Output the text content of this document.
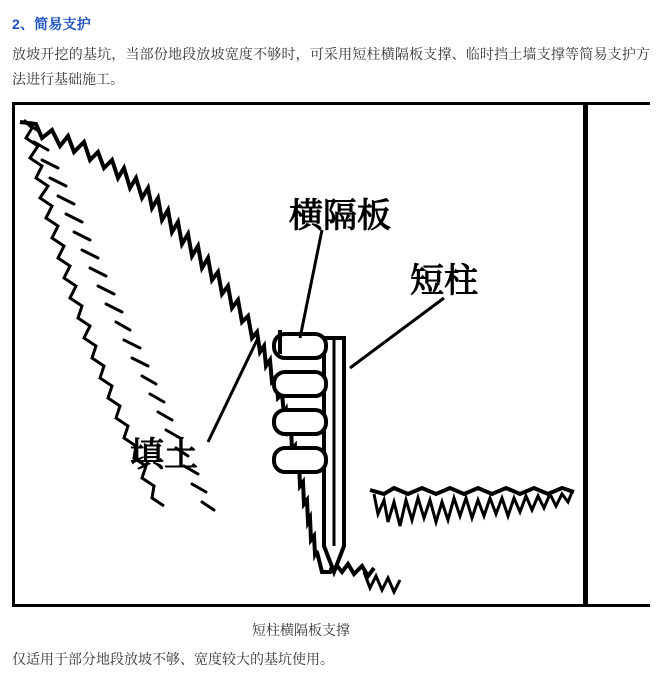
2、简易支护
放坡开挖的基坑，当部份地段放坡宽度不够时，可采用短柱横隔板支撑、临时挡土墙支撑等简易支护方法进行基础施工。
横隔板
短柱
填土
短柱横隔板支撑
仅适用于部分地段放坡不够、宽度较大的基坑使用。
